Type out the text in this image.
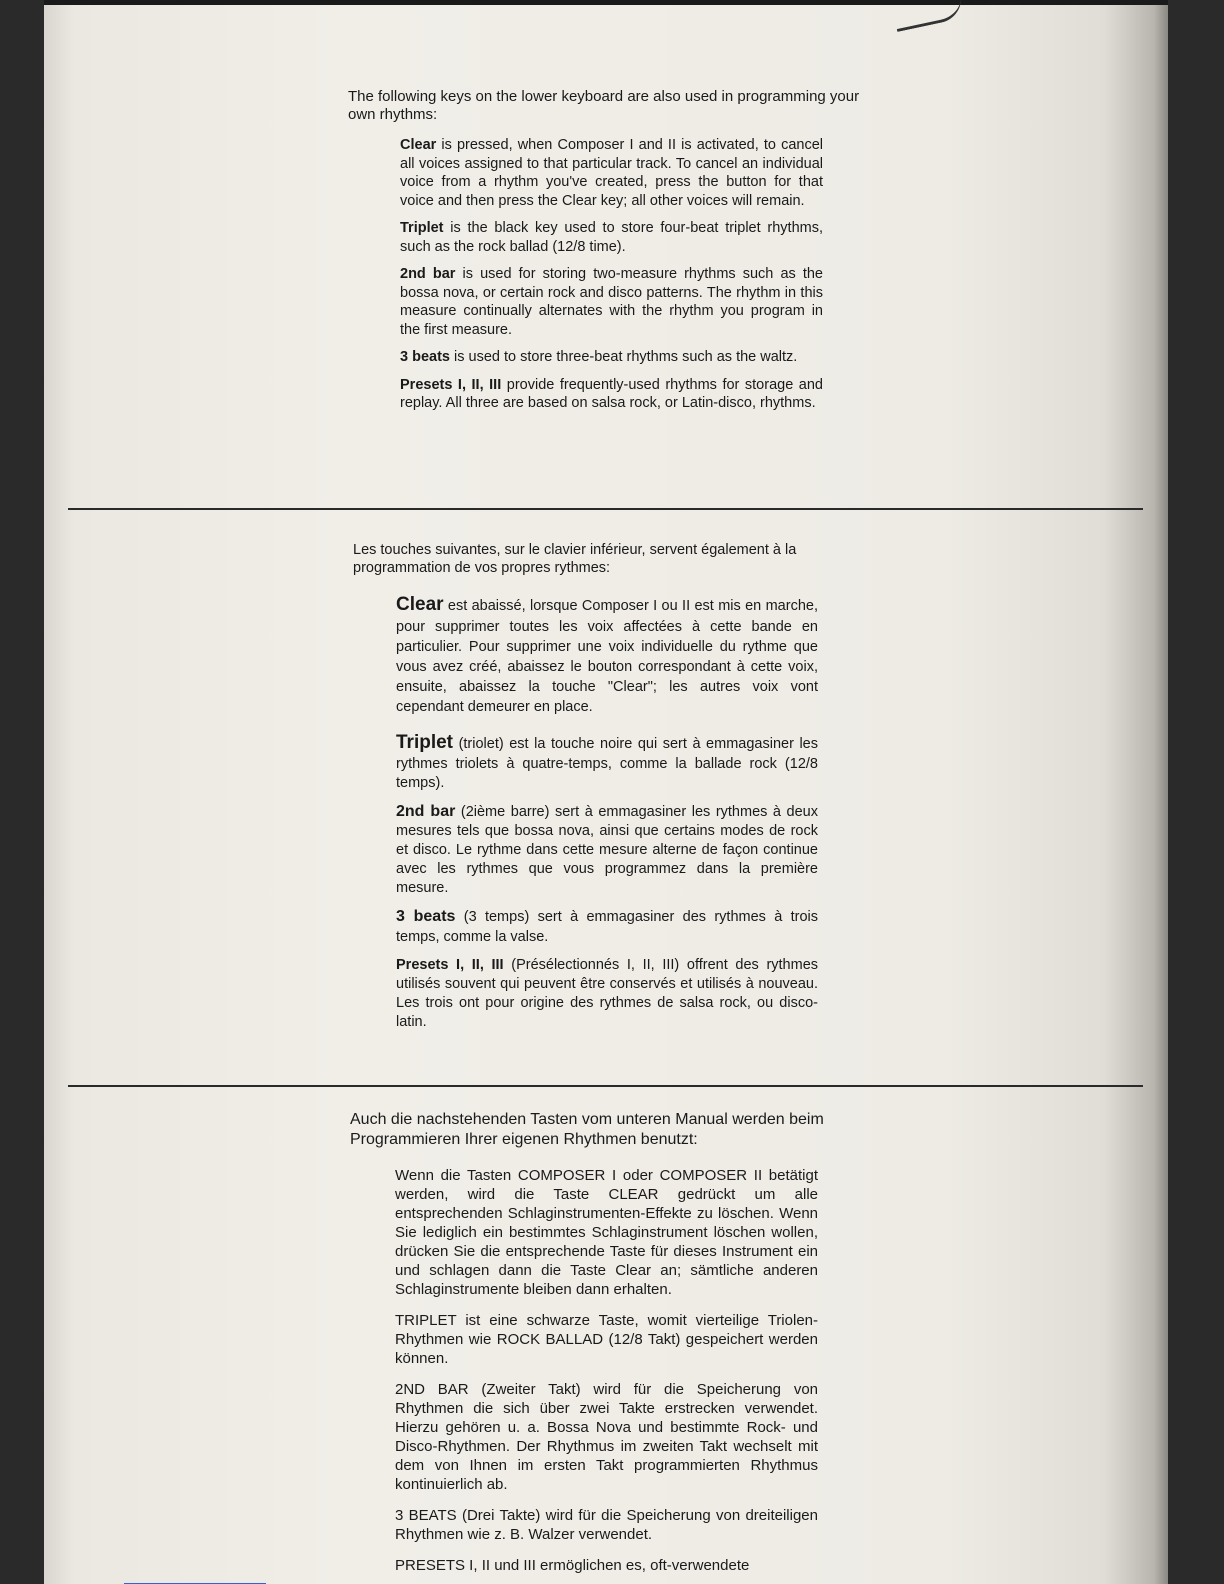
The following keys on the lower keyboard are also used in programming your own rhythms:

Clear is pressed, when Composer I and II is activated, to cancel all voices assigned to that particular track. To cancel an individual voice from a rhythm you've created, press the button for that voice and then press the Clear key; all other voices will remain.

Triplet is the black key used to store four-beat triplet rhythms, such as the rock ballad (12/8 time).

2nd bar is used for storing two-measure rhythms such as the bossa nova, or certain rock and disco patterns. The rhythm in this measure continually alternates with the rhythm you program in the first measure.

3 beats is used to store three-beat rhythms such as the waltz.

Presets I, II, III provide frequently-used rhythms for storage and replay. All three are based on salsa rock, or Latin-disco, rhythms.

Les touches suivantes, sur le clavier inférieur, servent également à la programmation de vos propres rythmes:

Clear est abaissé, lorsque Composer I ou II est mis en marche, pour supprimer toutes les voix affectées à cette bande en particulier. Pour supprimer une voix individuelle du rythme que vous avez créé, abaissez le bouton correspondant à cette voix, ensuite, abaissez la touche "Clear"; les autres voix vont cependant demeurer en place.

Triplet (triolet) est la touche noire qui sert à emmagasiner les rythmes triolets à quatre-temps, comme la ballade rock (12/8 temps).

2nd bar (2ième barre) sert à emmagasiner les rythmes à deux mesures tels que bossa nova, ainsi que certains modes de rock et disco. Le rythme dans cette mesure alterne de façon continue avec les rythmes que vous programmez dans la première mesure.

3 beats (3 temps) sert à emmagasiner des rythmes à trois temps, comme la valse.

Presets I, II, III (Présélectionnés I, II, III) offrent des rythmes utilisés souvent qui peuvent être conservés et utilisés à nouveau. Les trois ont pour origine des rythmes de salsa rock, ou disco-latin.

Auch die nachstehenden Tasten vom unteren Manual werden beim Programmieren Ihrer eigenen Rhythmen benutzt:

Wenn die Tasten COMPOSER I oder COMPOSER II betätigt werden, wird die Taste CLEAR gedrückt um alle entsprechenden Schlaginstrumenten-Effekte zu löschen. Wenn Sie lediglich ein bestimmtes Schlaginstrument löschen wollen, drücken Sie die entsprechende Taste für dieses Instrument ein und schlagen dann die Taste Clear an; sämtliche anderen Schlaginstrumente bleiben dann erhalten.

TRIPLET ist eine schwarze Taste, womit vierteilige Triolen-Rhythmen wie ROCK BALLAD (12/8 Takt) gespeichert werden können.

2ND BAR (Zweiter Takt) wird für die Speicherung von Rhythmen die sich über zwei Takte erstrecken verwendet. Hierzu gehören u. a. Bossa Nova und bestimmte Rock- und Disco-Rhythmen. Der Rhythmus im zweiten Takt wechselt mit dem von Ihnen im ersten Takt programmierten Rhythmus kontinuierlich ab.

3 BEATS (Drei Takte) wird für die Speicherung von dreiteiligen Rhythmen wie z. B. Walzer verwendet.

PRESETS I, II und III ermöglichen es, oft-verwendete
